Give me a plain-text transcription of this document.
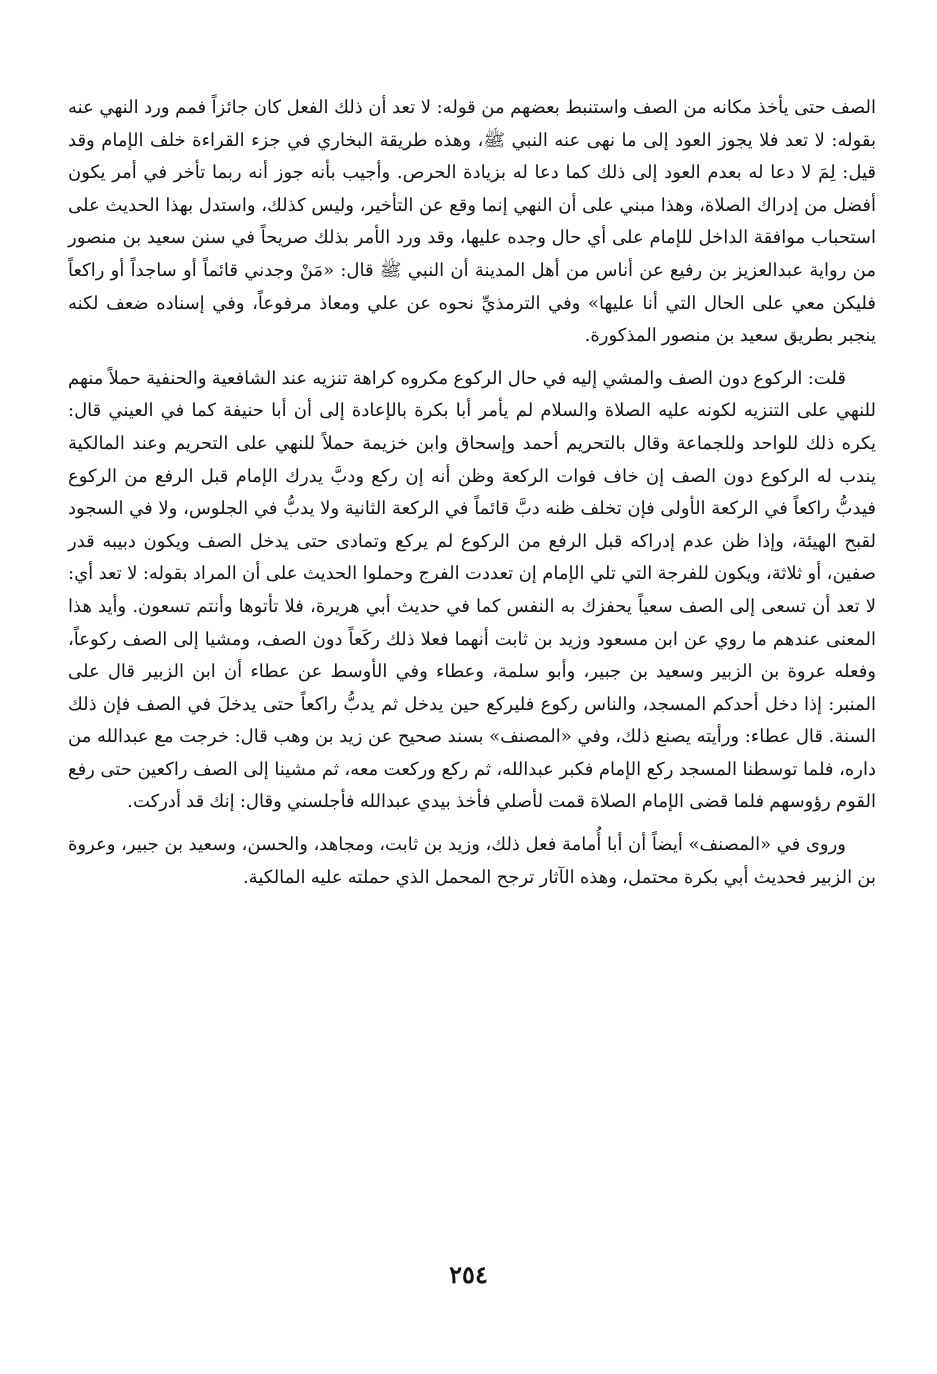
الصف حتى يأخذ مكانه من الصف واستنبط بعضهم من قوله: لا تعد أن ذلك الفعل كان جائزاً فمم ورد النهي عنه بقوله: لا تعد فلا يجوز العود إلى ما نهى عنه النبي ﷺ، وهذه طريقة البخاري في جزء القراءة خلف الإمام وقد قيل: لِمَ لا دعا له بعدم العود إلى ذلك كما دعا له بزيادة الحرص. وأجيب بأنه جوز أنه ربما تأخر في أمر يكون أفضل من إدراك الصلاة، وهذا مبني على أن النهي إنما وقع عن التأخير، وليس كذلك، واستدل بهذا الحديث على استحباب موافقة الداخل للإمام على أي حال وجده عليها، وقد ورد الأمر بذلك صريحاً في سنن سعيد بن منصور من رواية عبدالعزيز بن رفيع عن أناس من أهل المدينة أن النبي ﷺ قال: «مَنْ وجدني قائماً أو ساجداً أو راكعاً فليكن معي على الحال التي أنا عليها» وفي الترمذيِّ نحوه عن علي ومعاذ مرفوعاً، وفي إسناده ضعف لكنه ينجبر بطريق سعيد بن منصور المذكورة.

قلت: الركوع دون الصف والمشي إليه في حال الركوع مكروه كراهة تنزيه عند الشافعية والحنفية حملاً منهم للنهي على التنزيه لكونه عليه الصلاة والسلام لم يأمر أبا بكرة بالإعادة إلى أن أبا حنيفة كما في العيني قال: يكره ذلك للواحد وللجماعة وقال بالتحريم أحمد وإسحاق وابن خزيمة حملاً للنهي على التحريم وعند المالكية يندب له الركوع دون الصف إن خاف فوات الركعة وظن أنه إن ركع ودبَّ يدرك الإمام قبل الرفع من الركوع فيدبُّ راكعاً في الركعة الأولى فإن تخلف ظنه دبَّ قائماً في الركعة الثانية ولا يدبُّ في الجلوس، ولا في السجود لقبح الهيئة، وإذا ظن عدم إدراكه قبل الرفع من الركوع لم يركع وتمادى حتى يدخل الصف ويكون دبيبه قدر صفين، أو ثلاثة، ويكون للفرجة التي تلي الإمام إن تعددت الفرج وحملوا الحديث على أن المراد بقوله: لا تعد أي: لا تعد أن تسعى إلى الصف سعياً يحفزك به النفس كما في حديث أبي هريرة، فلا تأتوها وأنتم تسعون. وأيد هذا المعنى عندهم ما روي عن ابن مسعود وزيد بن ثابت أنهما فعلا ذلك ركَعاً دون الصف، ومشيا إلى الصف ركوعاً، وفعله عروة بن الزبير وسعيد بن جبير، وأبو سلمة، وعطاء وفي الأوسط عن عطاء أن ابن الزبير قال على المنبر: إذا دخل أحدكم المسجد، والناس ركوع فليركع حين يدخل ثم يدبُّ راكعاً حتى يدخلَ في الصف فإن ذلك السنة. قال عطاء: ورأيته يصنع ذلك، وفي «المصنف» بسند صحيح عن زيد بن وهب قال: خرجت مع عبدالله من داره، فلما توسطنا المسجد ركع الإمام فكبر عبدالله، ثم ركع وركعت معه، ثم مشينا إلى الصف راكعين حتى رفع القوم رؤوسهم فلما قضى الإمام الصلاة قمت لأصلي فأخذ بيدي عبدالله فأجلسني وقال: إنك قد أدركت.

وروى في «المصنف» أيضاً أن أبا أُمامة فعل ذلك، وزيد بن ثابت، ومجاهد، والحسن، وسعيد بن جبير، وعروة بن الزبير فحديث أبي بكرة محتمل، وهذه الآثار ترجح المحمل الذي حملته عليه المالكية.

٢٥٤
